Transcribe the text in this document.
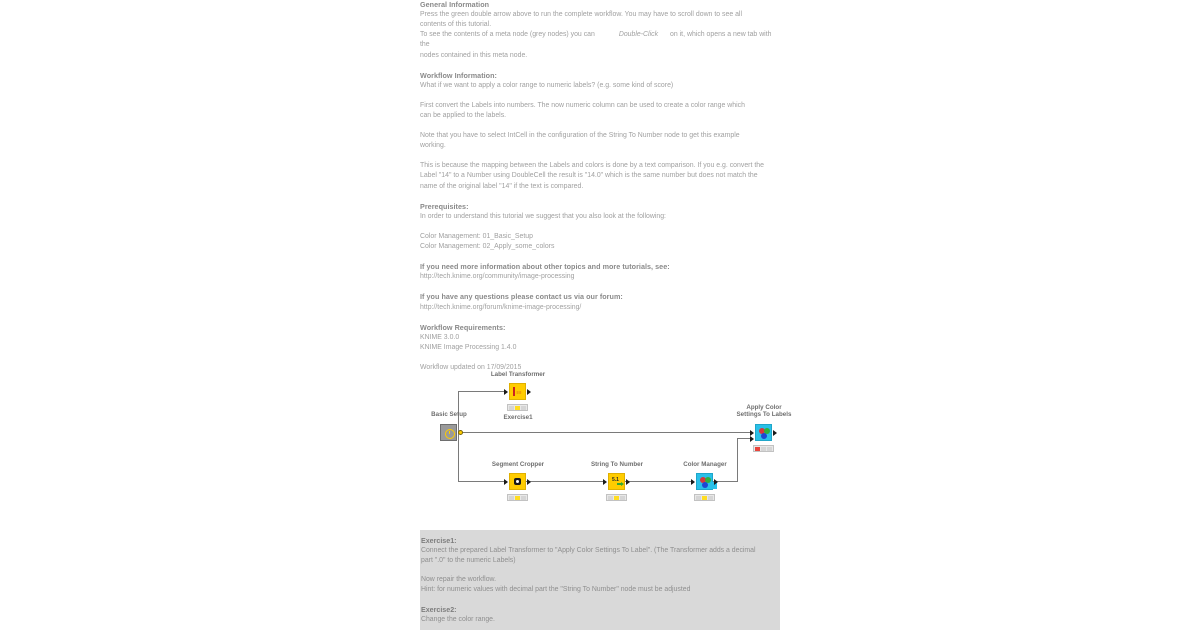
General Information
Press the green double arrow above to run the complete workflow. You may have to scroll down to see all
contents of this tutorial.
To see the contents of a meta node (grey nodes) you can	Double-Click on it, which opens a new tab with the
nodes contained in this meta node.
Workflow Information:
What if we want to apply a color range to numeric labels? (e.g. some kind of score)
First convert the Labels into numbers. The now numeric column can be used to create a color range which
can be applied to the labels.
Note that you have to select IntCell in the configuration of the String To Number node to get this example
working.
This is because the mapping between the Labels and colors is done by a text comparison. If you e.g. convert the
Label "14" to a Number using DoubleCell the result is "14.0" which is the same number but does not match the
name of the original label "14" if the text is compared.
Prerequisites:
In order to understand this tutorial we suggest that you also look at the following:
Color Management: 01_Basic_Setup
Color Management: 02_Apply_some_colors
If you need more information about other topics and more tutorials, see:
http://tech.knime.org/community/image-processing
If you have any questions please contact us via our forum:
http://tech.knime.org/forum/knime-image-processing/
Workflow Requirements:
KNIME 3.0.0
KNIME Image Processing 1.4.0
Workflow updated on 17/09/2015
Basic Setup
Label Transformer
≡≡
Exercise1
Segment Cropper	String To Number
5.1
Color Manager
Apply Color
Settings To Labels
Exercise1:
Connect the prepared Label Transformer to "Apply Color Settings To Label". (The Transformer adds a decimal
part ".0" to the numeric Labels)
Now repair the workflow.
Hint: for numeric values with decimal part the "String To Number" node must be adjusted
Exercise2:
Change the color range.
